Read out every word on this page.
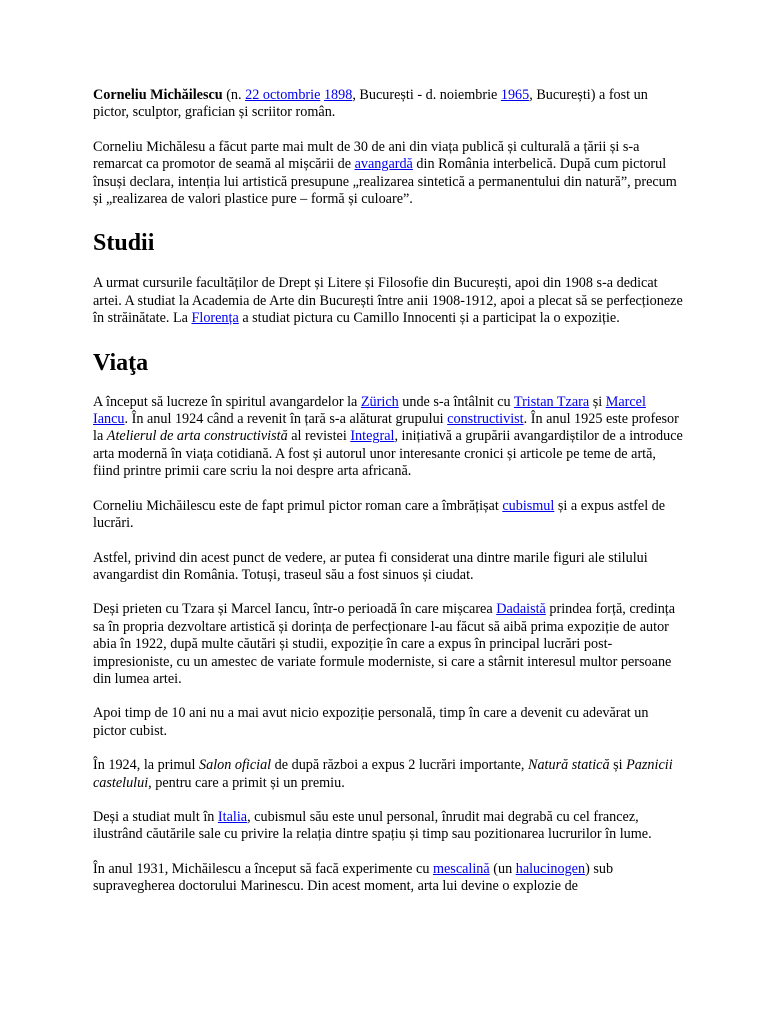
Corneliu Michăilescu (n. 22 octombrie 1898, București - d. noiembrie 1965, București) a fost un pictor, sculptor, grafician și scriitor român.

Corneliu Michălesu a făcut parte mai mult de 30 de ani din viața publică și culturală a țării și s-a remarcat ca promotor de seamă al mișcării de avangardă din România interbelică. După cum pictorul însuși declara, intenția lui artistică presupune „realizarea sintetică a permanentului din natură”, precum și „realizarea de valori plastice pure – formă și culoare”.

Studii

A urmat cursurile facultăților de Drept și Litere și Filosofie din București, apoi din 1908 s-a dedicat artei. A studiat la Academia de Arte din București între anii 1908-1912, apoi a plecat să se perfecționeze în străinătate. La Florența a studiat pictura cu Camillo Innocenti și a participat la o expoziție.

Viaţa

A început să lucreze în spiritul avangardelor la Zürich unde s-a întâlnit cu Tristan Tzara și Marcel Iancu. În anul 1924 când a revenit în țară s-a alăturat grupului constructivist. În anul 1925 este profesor la Atelierul de arta constructivistă al revistei Integral, inițiativă a grupării avangardiștilor de a introduce arta modernă în viața cotidiană. A fost și autorul unor interesante cronici și articole pe teme de artă, fiind printre primii care scriu la noi despre arta africană.

Corneliu Michăilescu este de fapt primul pictor roman care a îmbrățișat cubismul și a expus astfel de lucrări.

Astfel, privind din acest punct de vedere, ar putea fi considerat una dintre marile figuri ale stilului avangardist din România. Totuși, traseul său a fost sinuos și ciudat.

Deși prieten cu Tzara și Marcel Iancu, într-o perioadă în care mișcarea Dadaistă prindea forță, credința sa în propria dezvoltare artistică și dorința de perfecționare l-au făcut să aibă prima expoziție de autor abia în 1922, după multe căutări și studii, expoziție în care a expus în principal lucrări post-impresioniste, cu un amestec de variate formule moderniste, si care a stârnit interesul multor persoane din lumea artei.

Apoi timp de 10 ani nu a mai avut nicio expoziție personală, timp în care a devenit cu adevărat un pictor cubist.

În 1924, la primul Salon oficial de după război a expus 2 lucrări importante, Natură statică și Paznicii castelului, pentru care a primit și un premiu.

Deși a studiat mult în Italia, cubismul său este unul personal, înrudit mai degrabă cu cel francez, ilustrând căutările sale cu privire la relația dintre spațiu și timp sau pozitionarea lucrurilor în lume.

În anul 1931, Michăilescu a început să facă experimente cu mescalină (un halucinogen) sub supravegherea doctorului Marinescu. Din acest moment, arta lui devine o explozie de
